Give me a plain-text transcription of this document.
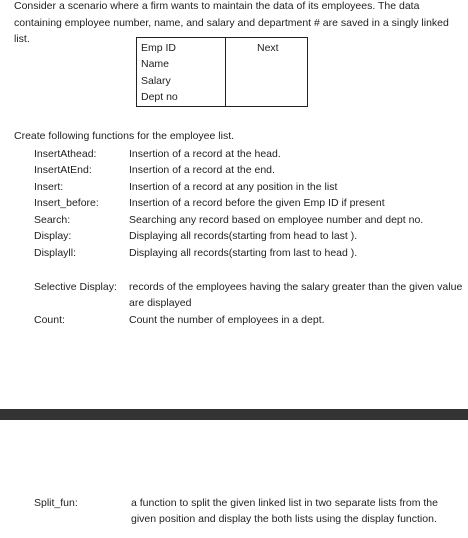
Consider a scenario where a firm wants to maintain the data of its employees. The data containing employee number, name, and salary and department # are saved in a singly linked list.
Emp ID
Name
Salary
Dept no
Next
Create following functions for the employee list.
InsertAthead:	Insertion of a record at the head.
InsertAtEnd:	Insertion of a record at the end.
Insert:	Insertion of a record at any position in the list
Insert_before:	Insertion of a record before the given Emp ID if present
Search:	Searching any record based on employee number and dept no.
Display:	Displaying all records(starting from head to last ).
Displayll:	Displaying all records(starting from last to head ).
Selective Display: records of the employees having the salary greater than the given value are displayed
Count:	Count the number of employees in a dept.
Split_fun:	a function to split the given linked list in two separate lists from the given position and display the both lists using the display function.
